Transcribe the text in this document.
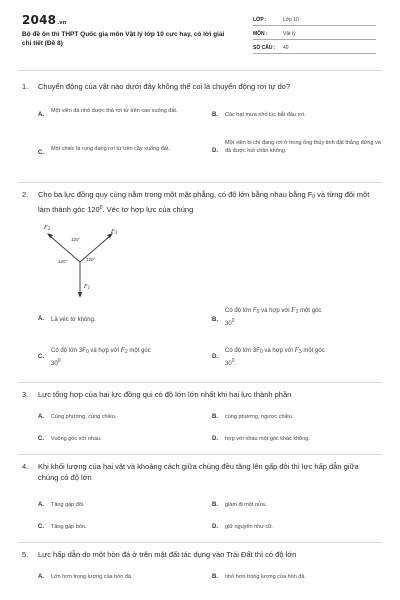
2048.vn
Bộ đề ôn thi THPT Quốc gia môn Vật lý lớp 10 cực hay, có lời giải chi tiết (Đề 8)
LỚP :	Lớp 10
MÔN :	Vật lý
SỐ CÂU : 40
1. Chuyển động của vật nào dưới đây không thể coi là chuyển động rơi tự do?
A.
Một viên đá nhỏ được thả rơi từ trên cao xuống đất.
B. Các hạt mưa nhỏ lúc bắt đầu rơi.
C.
Một chiếc lá rụng đang rơi từ trên cây xuống đất.	D.
Một viên bi chì đang rơi ở trong ống thủy tinh đặt thẳng đứng và đã được hút chân không.
2. Cho ba lực đồng quy cùng nằm trong một mặt phẳng, có độ lớn bằng nhau bằng $F_0$ và từng đôi một làm thành góc $120^0$. Véc tơ hợp lực của chúng
120°
120°	120°
$F_1$
$F_2$	$F_3$
A. Là véc tơ không.	B.
Có độ lớn $F_0$ và hợp với $F_1$ một góc
$30^0$
C.
Có độ lớn $3F_0$ và hợp với $F_2$ một góc
$30^0$
D.
Có độ lớn $3F_0$ và hợp với $F_3$ một góc
$30^0$.
3. Lực tổng hợp của hai lực đồng qui có độ lớn lớn nhất khi hai lực thành phần
A. Cùng phương, cùng chiều.	B. cùng phương, ngược chiều.
C. Vuông góc với nhau.	D. hợp với nhau một góc khác không.
4. Khi khối lượng của hai vật và khoảng cách giữa chúng đều tăng lên gấp đôi thì lực hấp dẫn giữa chúng có độ lớn
A. Tăng gấp đôi.	B. giảm đi một nửa.
C. Tăng gấp bốn.	D. giữ nguyên như cũ.
5. Lực hấp dẫn do một hòn đá ở trên mặt đất tác dụng vào Trái Đất thì có độ lớn
A. Lớn hơn trọng lượng của hòn đá.	B. nhỏ hơn trọng lượng của hòn đá.
